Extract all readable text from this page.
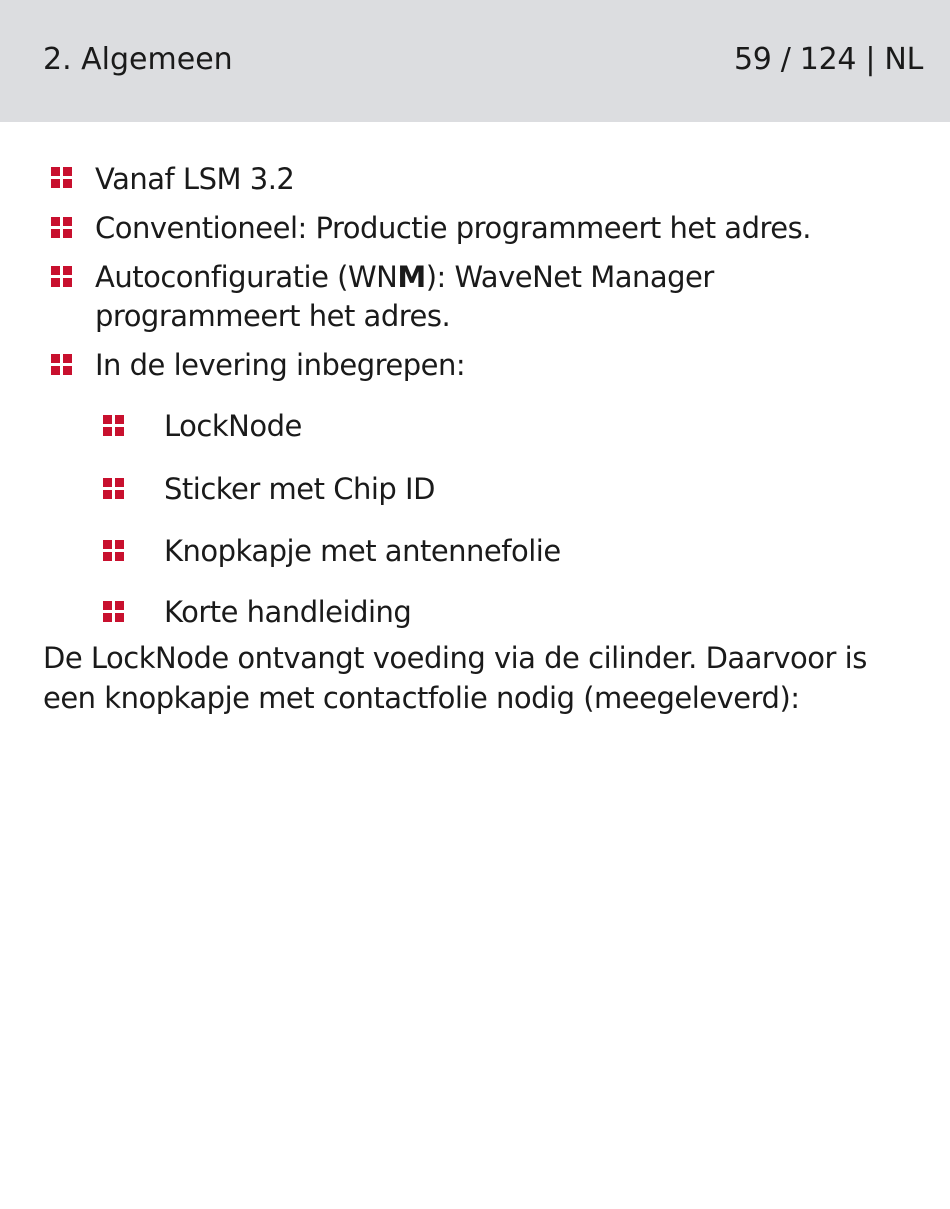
2. Algemeen	59 / 124 | NL
Vanaf LSM 3.2
Conventioneel: Productie programmeert het adres.
Autoconfiguratie (WNM): WaveNet Manager
programmeert het adres.
In de levering inbegrepen:
LockNode
Sticker met Chip ID
Knopkapje met antennefolie
Korte handleiding
De LockNode ontvangt voeding via de cilinder. Daarvoor is
een knopkapje met contactfolie nodig (meegeleverd):
